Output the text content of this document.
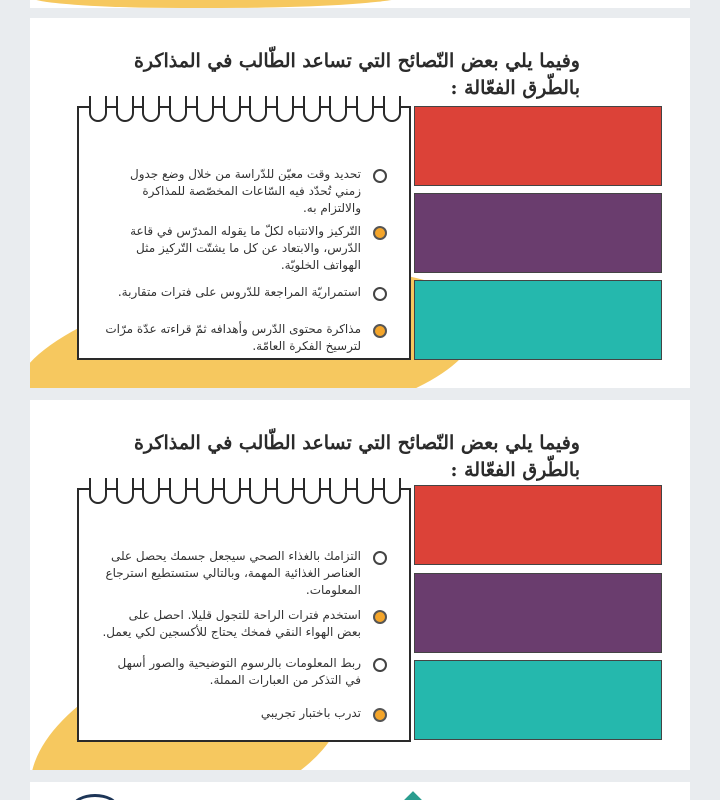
وفيما يلي بعض النّصائح التي تساعد الطّالب في المذاكرة بالطّرق الفعّالة :
تحديد وقت معيّن للدّراسة من خلال وضع جدول زمني تُحدّد فيه السّاعات المخصّصة للمذاكرة والالتزام به.
التّركيز والانتباه لكلّ ما يقوله المدرّس في قاعة الدّرس، والابتعاد عن كل ما يشتّت التّركيز مثل الهواتف الخلويّة.
استمراريّة المراجعة للدّروس على فترات متقاربة.
مذاكرة محتوى الدّرس وأهدافه ثمّ قراءته عدّة مرّات لترسيخ الفكرة العامّة.
وفيما يلي بعض النّصائح التي تساعد الطّالب في المذاكرة بالطّرق الفعّالة :
التزامك بالغذاء الصحي سيجعل جسمك يحصل على العناصر الغذائية المهمة، وبالتالي ستستطيع استرجاع المعلومات.
استخدم فترات الراحة للتجول قليلا. احصل على بعض الهواء النقي فمخك يحتاج للأكسجين لكي يعمل.
ربط المعلومات بالرسوم التوضيحية والصور أسهل في التذكر من العبارات المملة.
تدرب باختبار تجريبي
